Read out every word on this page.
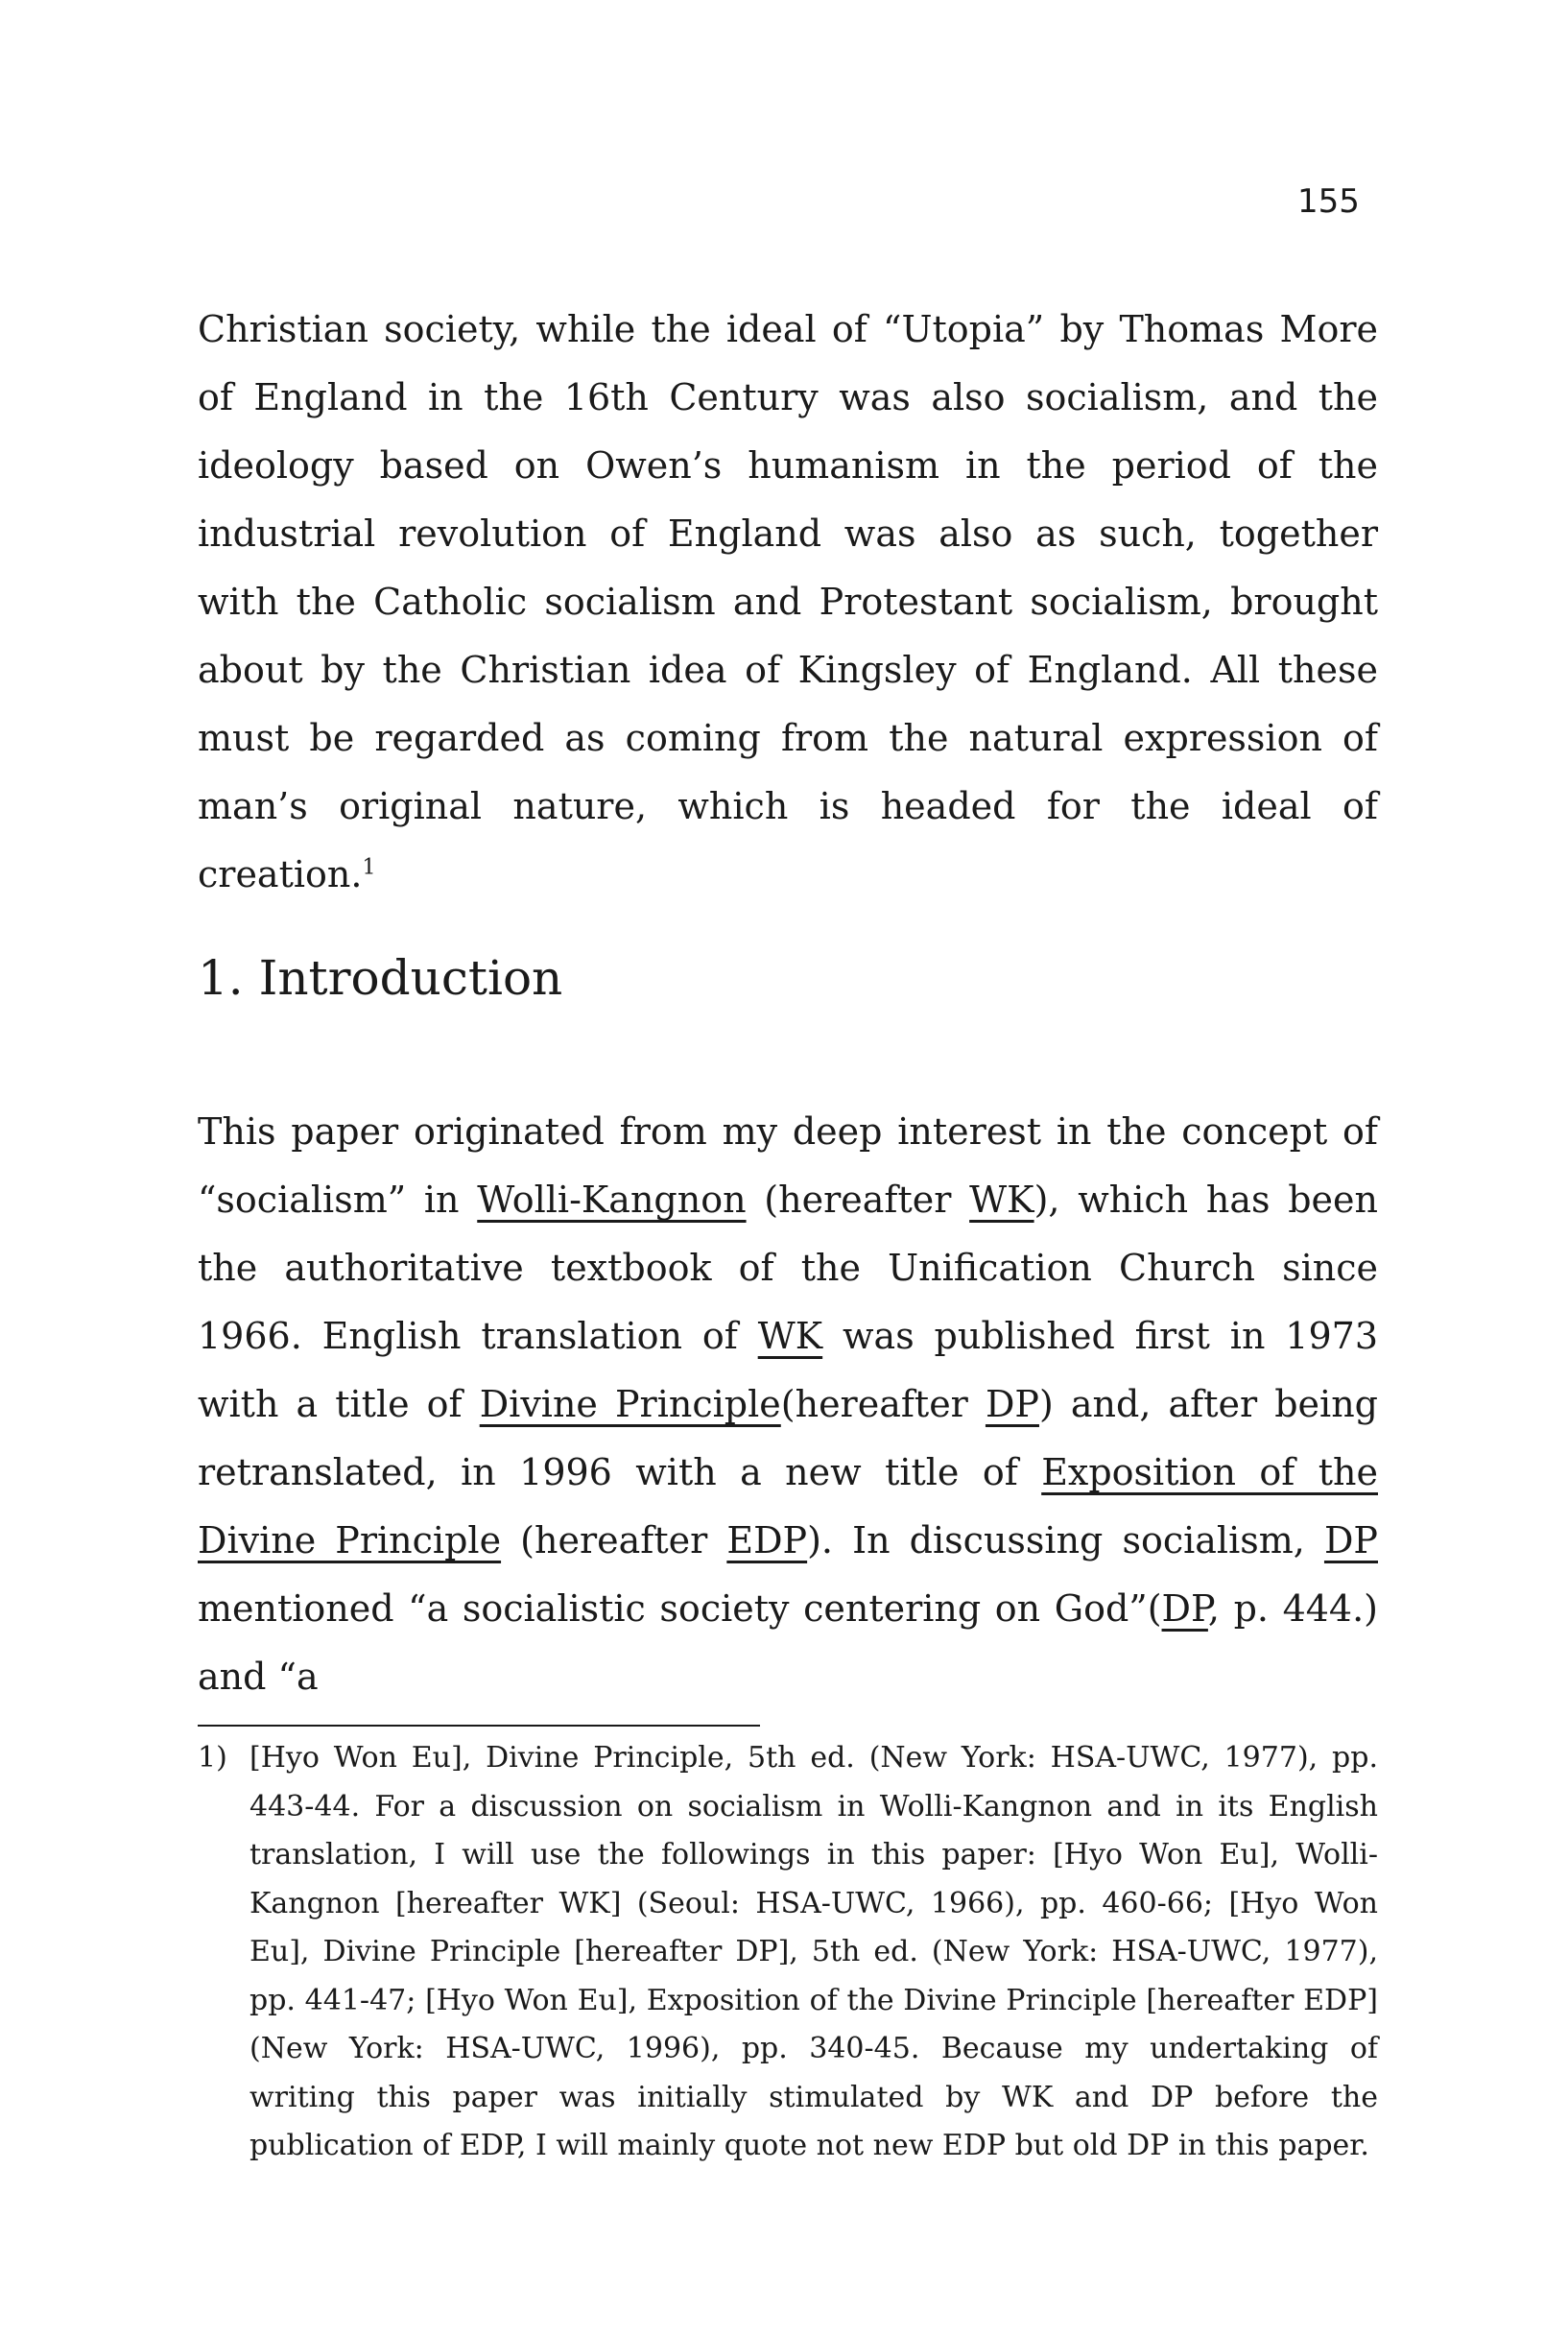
155

Christian society, while the ideal of “Utopia” by Thomas More of England in the 16th Century was also socialism, and the ideology based on Owen’s humanism in the period of the industrial revolution of England was also as such, together with the Catholic socialism and Protestant socialism, brought about by the Christian idea of Kingsley of England. All these must be regarded as coming from the natural expression of man’s original nature, which is headed for the ideal of creation.$^1$

1. Introduction

This paper originated from my deep interest in the concept of “socialism” in Wolli-Kangnon (hereafter WK), which has been the authoritative textbook of the Unification Church since 1966. English translation of WK was published first in 1973 with a title of Divine Principle(hereafter DP) and, after being retranslated, in 1996 with a new title of Exposition of the Divine Principle (hereafter EDP). In discussing socialism, DP mentioned “a socialistic society centering on God”(DP, p. 444.) and “a

1) [Hyo Won Eu], Divine Principle, 5th ed. (New York: HSA-UWC, 1977), pp. 443-44. For a discussion on socialism in Wolli-Kangnon and in its English translation, I will use the followings in this paper: [Hyo Won Eu], Wolli-Kangnon [hereafter WK] (Seoul: HSA-UWC, 1966), pp. 460-66; [Hyo Won Eu], Divine Principle [hereafter DP], 5th ed. (New York: HSA-UWC, 1977), pp. 441-47; [Hyo Won Eu], Exposition of the Divine Principle [hereafter EDP] (New York: HSA-UWC, 1996), pp. 340-45. Because my undertaking of writing this paper was initially stimulated by WK and DP before the publication of EDP, I will mainly quote not new EDP but old DP in this paper.
